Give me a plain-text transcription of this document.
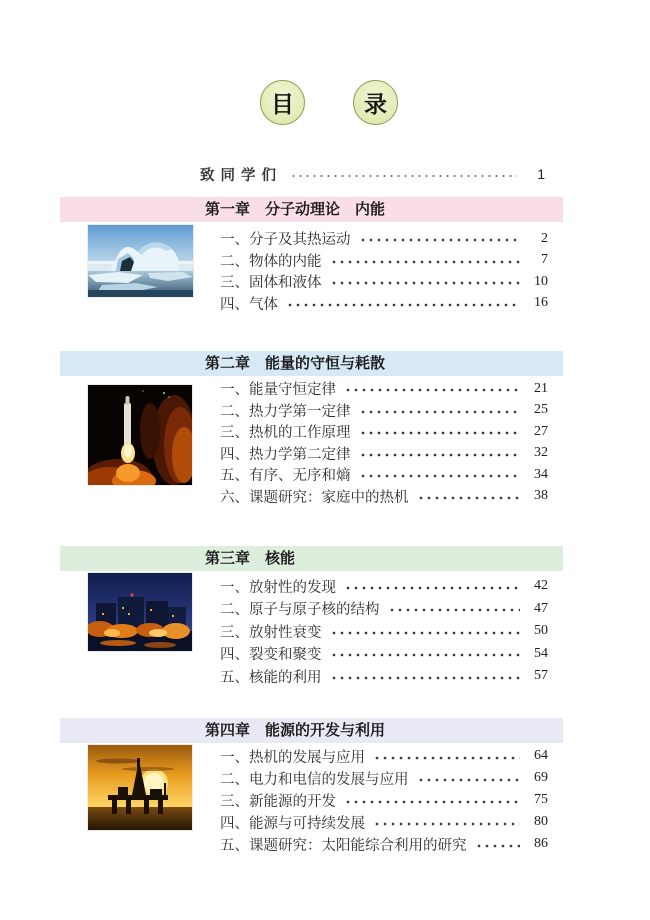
目	录
致同学们	1
第一章　分子动理论　内能
一、分子及其热运动	2
二、物体的内能	7
三、固体和液体	10
四、气体	16
第二章　能量的守恒与耗散
一、能量守恒定律	21
二、热力学第一定律	25
三、热机的工作原理	27
四、热力学第二定律	32
五、有序、无序和熵	34
六、课题研究：家庭中的热机	38
第三章　核能
一、放射性的发现	42
二、原子与原子核的结构	47
三、放射性衰变	50
四、裂变和聚变	54
五、核能的利用	57
第四章　能源的开发与利用
一、热机的发展与应用	64
二、电力和电信的发展与应用	69
三、新能源的开发	75
四、能源与可持续发展	80
五、课题研究：太阳能综合利用的研究	86
